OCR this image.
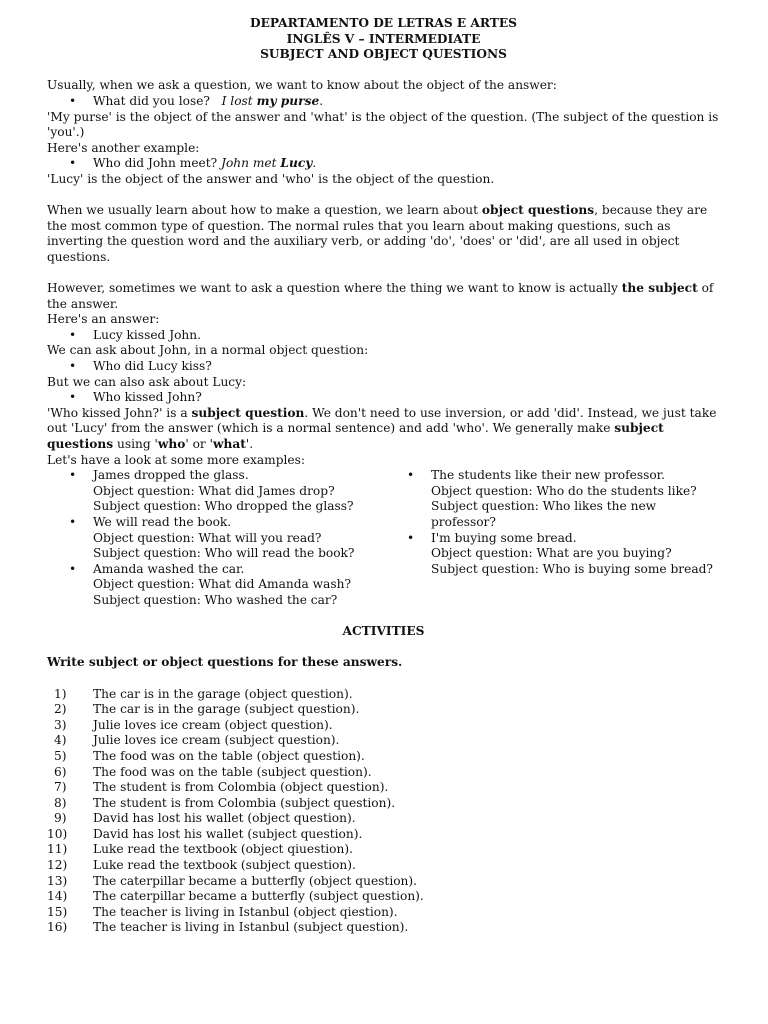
DEPARTAMENTO DE LETRAS E ARTES
INGLÊS V – INTERMEDIATE
SUBJECT AND OBJECT QUESTIONS

Usually, when we ask a question, we want to know about the object of the answer:

• What did you lose? I lost my purse.

'My purse' is the object of the answer and 'what' is the object of the question. (The subject of the question is 'you'.)

Here's another example:

• Who did John meet? John met Lucy.

'Lucy' is the object of the answer and 'who' is the object of the question.

When we usually learn about how to make a question, we learn about object questions, because they are the most common type of question. The normal rules that you learn about making questions, such as inverting the question word and the auxiliary verb, or adding 'do', 'does' or 'did', are all used in object questions.

However, sometimes we want to ask a question where the thing we want to know is actually the subject of the answer.

Here's an answer:

• Lucy kissed John.

We can ask about John, in a normal object question:

• Who did Lucy kiss?

But we can also ask about Lucy:

• Who kissed John?

'Who kissed John?' is a subject question. We don't need to use inversion, or add 'did'. Instead, we just take out 'Lucy' from the answer (which is a normal sentence) and add 'who'. We generally make subject questions using 'who' or 'what'.

Let's have a look at some more examples:

• James dropped the glass.
Object question: What did James drop?
Subject question: Who dropped the glass?
• We will read the book.
Object question: What will you read?
Subject question: Who will read the book?
• Amanda washed the car.
Object question: What did Amanda wash?
Subject question: Who washed the car?
• The students like their new professor.
Object question: Who do the students like?
Subject question: Who likes the new professor?
• I'm buying some bread.
Object question: What are you buying?
Subject question: Who is buying some bread?
ACTIVITIES

Write subject or object questions for these answers.

1)	The car is in the garage (object question).
2)	The car is in the garage (subject question).
3)	Julie loves ice cream (object question).
4)	Julie loves ice cream (subject question).
5)	The food was on the table (object question).
6)	The food was on the table (subject question).
7)	The student is from Colombia (object question).
8)	The student is from Colombia (subject question).
9)	David has lost his wallet (object question).
10)	David has lost his wallet (subject question).
11)	Luke read the textbook (object qiuestion).
12)	Luke read the textbook (subject question).
13)	The caterpillar became a butterfly (object question).
14)	The caterpillar became a butterfly (subject question).
15)	The teacher is living in Istanbul (object qiestion).
16)	The teacher is living in Istanbul (subject question).
